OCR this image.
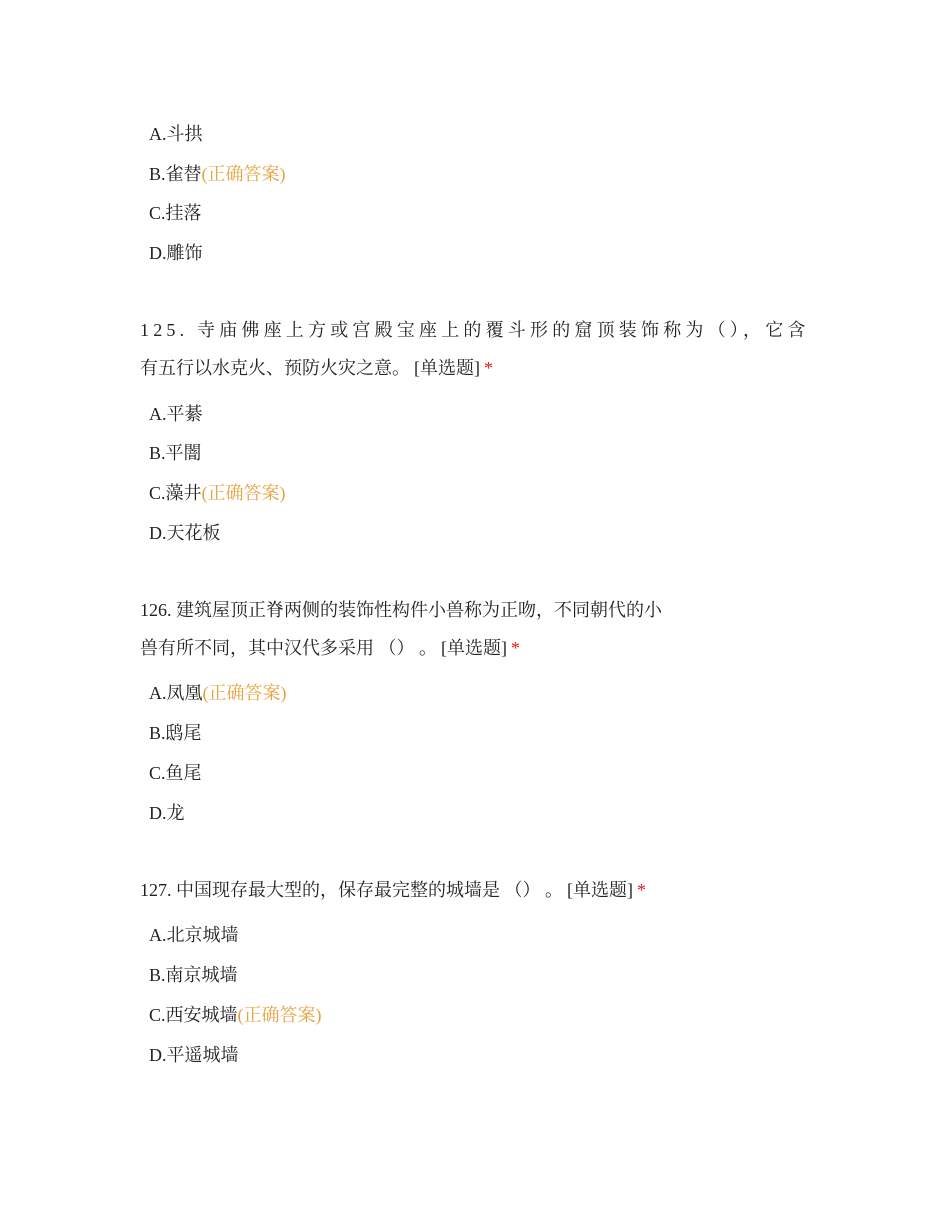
A.斗拱
B.雀替(正确答案)
C.挂落
D.雕饰
125. 寺庙佛座上方或宫殿宝座上的覆斗形的窟顶装饰称为（），它含
有五行以水克火、预防火灾之意。 [单选题] *
A.平綦
B.平闇
C.藻井(正确答案)
D.天花板
126. 建筑屋顶正脊两侧的装饰性构件小兽称为正吻，不同朝代的小
兽有所不同，其中汉代多采用 （） 。 [单选题] *
A.凤凰(正确答案)
B.鸱尾
C.鱼尾
D.龙
127. 中国现存最大型的，保存最完整的城墙是 （） 。 [单选题] *
A.北京城墙
B.南京城墙
C.西安城墙(正确答案)
D.平遥城墙
